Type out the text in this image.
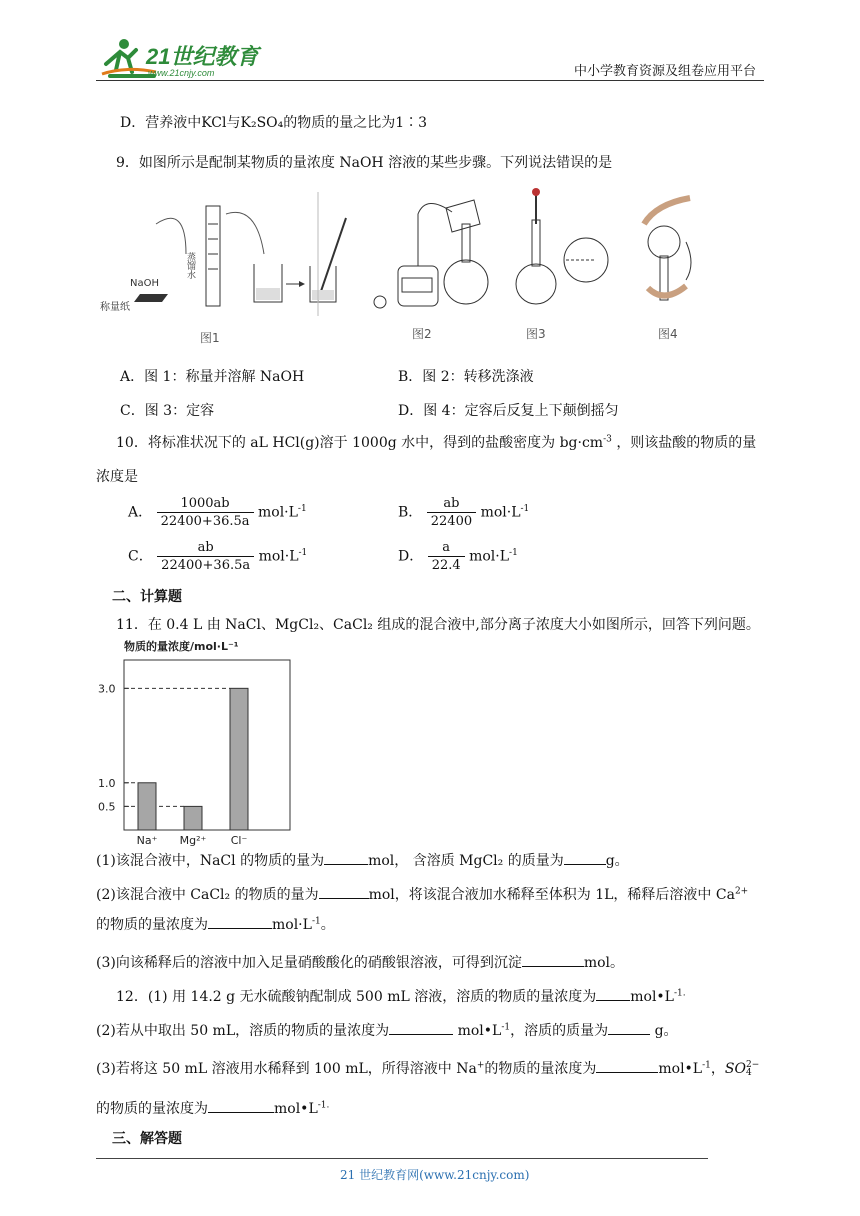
21世纪教育
www.21cnjy.com	中小学教育资源及组卷应用平台
D．营养液中KCl与K₂SO₄的物质的量之比为1∶3
9．如图所示是配制某物质的量浓度 NaOH 溶液的某些步骤。下列说法错误的是
NaOH
称量纸
蒸馏水
图1	图2	图3	图4
A．图 1：称量并溶解 NaOH	B．图 2：转移洗涤液
C．图 3：定容	D．图 4：定容后反复上下颠倒摇匀
10．将标准状况下的 aL HCl(g)溶于 1000g 水中，得到的盐酸密度为 $bg\cdot cm^{-3}$ ，则该盐酸的物质的量
浓度是
A． $\frac{1000ab}{22400+36.5a} mol\cdot L^{-1}$	B． $\frac{ab}{22400} mol\cdot L^{-1}$
C． $\frac{ab}{22400+36.5a} mol\cdot L^{-1}$	D． $\frac{a}{22.4} mol\cdot L^{-1}$
二、计算题
11．在 0.4 L 由 NaCl、MgCl₂、CaCl₂ 组成的混合液中,部分离子浓度大小如图所示，回答下列问题。
物质的量浓度/mol·L⁻¹
3.0
1.0
0.5
Na⁺ Mg²⁺ Cl⁻
(1)该混合液中，NaCl 的物质的量为	mol， 含溶质 MgCl₂ 的质量为	g。
(2)该混合液中 CaCl₂ 的物质的量为	mol，将该混合液加水稀释至体积为 1L，稀释后溶液中 $Ca^{2+}$
的物质的量浓度为	$mol\cdot L^{-1}$。
(3)向该稀释后的溶液中加入足量硝酸酸化的硝酸银溶液，可得到沉淀	mol。
12．(1) 用 14.2 g 无水硫酸钠配制成 500 mL 溶液，溶质的物质的量浓度为 $mol•L^{-1.}$
(2)若从中取出 50 mL，溶质的物质的量浓度为	$mol•L^{-1}$，溶质的质量为	g。
(3)若将这 50 mL 溶液用水稀释到 100 mL，所得溶液中 Na+的物质的量浓度为	$mol•L^{-1}$，SO 2−
4
的物质的量浓度为	$mol•L^{-1.}$
三、解答题
21 世纪教育网(www.21cnjy.com)
